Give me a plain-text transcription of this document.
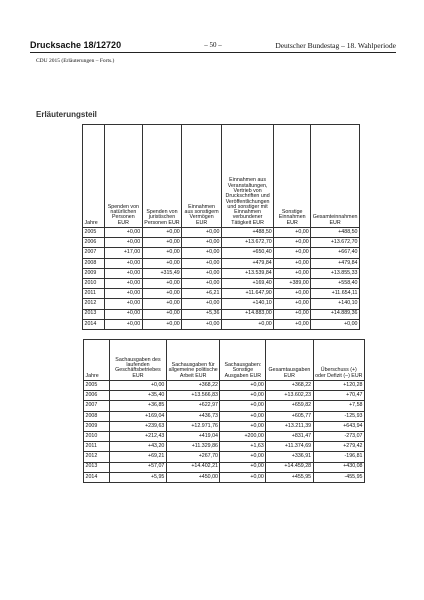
Drucksache 18/12720	– 50 –	Deutscher Bundestag – 18. Wahlperiode
CDU 2015 (Erläuterungen – Forts.)
Erläuterungsteil
Jahre	Spenden von natürlichen Personen EUR	Spenden von juristischen Personen EUR	Einnahmen aus sonstigem Vermögen EUR	Einnahmen aus Veranstaltungen, Vertrieb von Druckschriften und Veröffentlichungen und sonstiger mit Einnahmen verbundener Tätigkeit EUR	Sonstige Einnahmen EUR	Gesamteinnahmen EUR
2005	+0,00	+0,00	+0,00	+488,50	+0,00	+488,50
2006	+0,00	+0,00	+0,00	+13.672,70	+0,00	+13.672,70
2007	+17,00	+0,00	+0,00	+650,40	+0,00	+667,40
2008	+0,00	+0,00	+0,00	+479,84	+0,00	+479,84
2009	+0,00	+315,49	+0,00	+13.539,84	+0,00	+13.855,33
2010	+0,00	+0,00	+0,00	+169,40	+389,00	+558,40
2011	+0,00	+0,00	+6,21	+11.647,90	+0,00	+11.654,11
2012	+0,00	+0,00	+0,00	+140,10	+0,00	+140,10
2013	+0,00	+0,00	+5,36	+14.883,00	+0,00	+14.889,36
2014	+0,00	+0,00	+0,00	+0,00	+0,00	+0,00
Jahre	Sachausgaben des laufenden Geschäftsbetriebes EUR	Sachausgaben für allgemeine politische Arbeit EUR	Sachausgaben: Sonstige Ausgaben EUR	Gesamtausgaben EUR	Überschuss (+) oder Defizit (–) EUR
2005	+0,00	+368,22	+0,00	+368,22	+120,28
2006	+35,40	+13.566,83	+0,00	+13.602,23	+70,47
2007	+36,85	+622,97	+0,00	+659,82	+7,58
2008	+169,04	+436,73	+0,00	+605,77	-125,93
2009	+239,63	+12.971,76	+0,00	+13.211,39	+643,94
2010	+212,43	+419,04	+200,00	+831,47	-273,07
2011	+43,20	+11.329,86	+1,63	+11.374,69	+279,42
2012	+69,21	+267,70	+0,00	+336,91	-196,81
2013	+57,07	+14.402,21	+0,00	+14.459,28	+430,08
2014	+5,95	+450,00	+0,00	+455,95	-455,95
